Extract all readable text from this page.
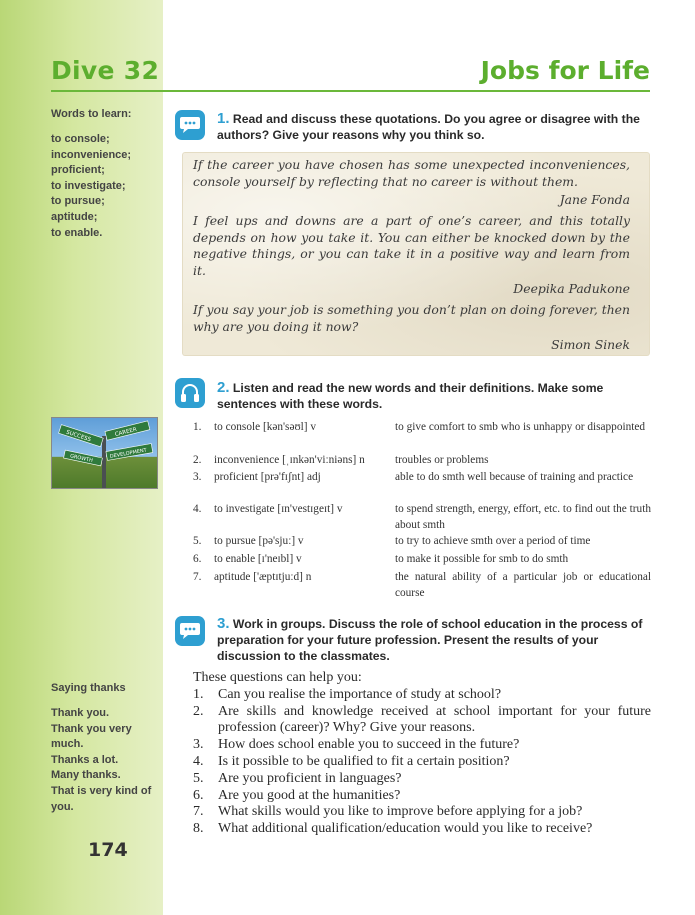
Dive 32	Jobs for Life
Words to learn:
to console;
inconvenience;
proficient;
to investigate;
to pursue;
aptitude;
to enable.
CAREER
SUCCESS
DEVELOPMENT
GROWTH
Saying thanks
Thank you.
Thank you very
much.
Thanks a lot.
Many thanks.
That is very kind of
you.
174
1. Read and discuss these quotations. Do you agree or disagree with the authors? Give your reasons why you think so.
If the career you have chosen has some unexpected inconveniences, console yourself by reflecting that no career is without them.
Jane Fonda
I feel ups and downs are a part of one’s career, and this totally depends on how you take it. You can either be knocked down by the negative things, or you can take it in a positive way and learn from it.
Deepika Padukone
If you say your job is something you don’t plan on doing forever, then why are you doing it now?
Simon Sinek
2. Listen and read the new words and their definitions. Make some sentences with these words.
1. to console [kən'səʊl] v	to give comfort to smb who is unhappy or disappointed
2. inconvenience [ˌɪnkən'viːniəns] n	troubles or problems
3. proficient [prə'fɪʃnt] adj	able to do smth well because of training and practice
4. to investigate [ɪn'vestɪgeɪt] v	to spend strength, energy, effort, etc. to find out the truth about smth
5. to pursue [pə'sjuː] v	to try to achieve smth over a period of time
6. to enable [ɪ'neɪbl] v	to make it possible for smb to do smth
7. aptitude ['æptɪtjuːd] n	the natural ability of a particular job or educational course
3. Work in groups. Discuss the role of school education in the process of preparation for your future profession. Present the results of your discussion to the classmates.
These questions can help you:
1. Can you realise the importance of study at school?
2. Are skills and knowledge received at school important for your future profession (career)? Why? Give your reasons.
3. How does school enable you to succeed in the future?
4. Is it possible to be qualified to fit a certain position?
5. Are you proficient in languages?
6. Are you good at the humanities?
7. What skills would you like to improve before applying for a job?
8. What additional qualification/education would you like to receive?
